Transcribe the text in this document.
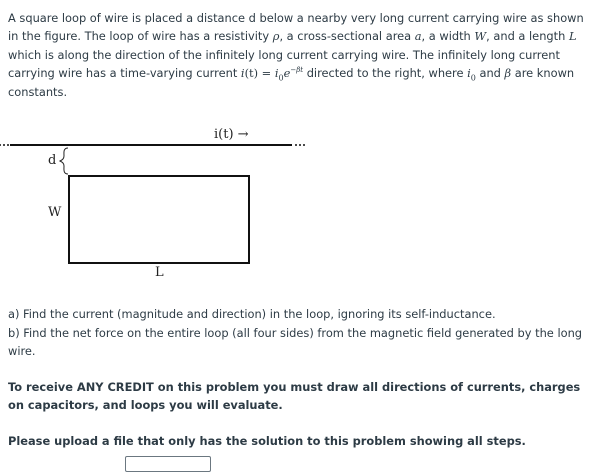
A square loop of wire is placed a distance d below a nearby very long current carrying wire as shown in the figure. The loop of wire has a resistivity ρ, a cross-sectional area a, a width W, and a length L which is along the direction of the infinitely long current carrying wire. The infinitely long current carrying wire has a time-varying current $i(t) = i_0e^{-\beta t}$ directed to the right, where $i_0$ and β are known constants.
i(t) →
d
W
L
a) Find the current (magnitude and direction) in the loop, ignoring its self-inductance.
b) Find the net force on the entire loop (all four sides) from the magnetic field generated by the long wire.
To receive ANY CREDIT on this problem you must draw all directions of currents, charges on capacitors, and loops you will evaluate.
Please upload a file that only has the solution to this problem showing all steps.
